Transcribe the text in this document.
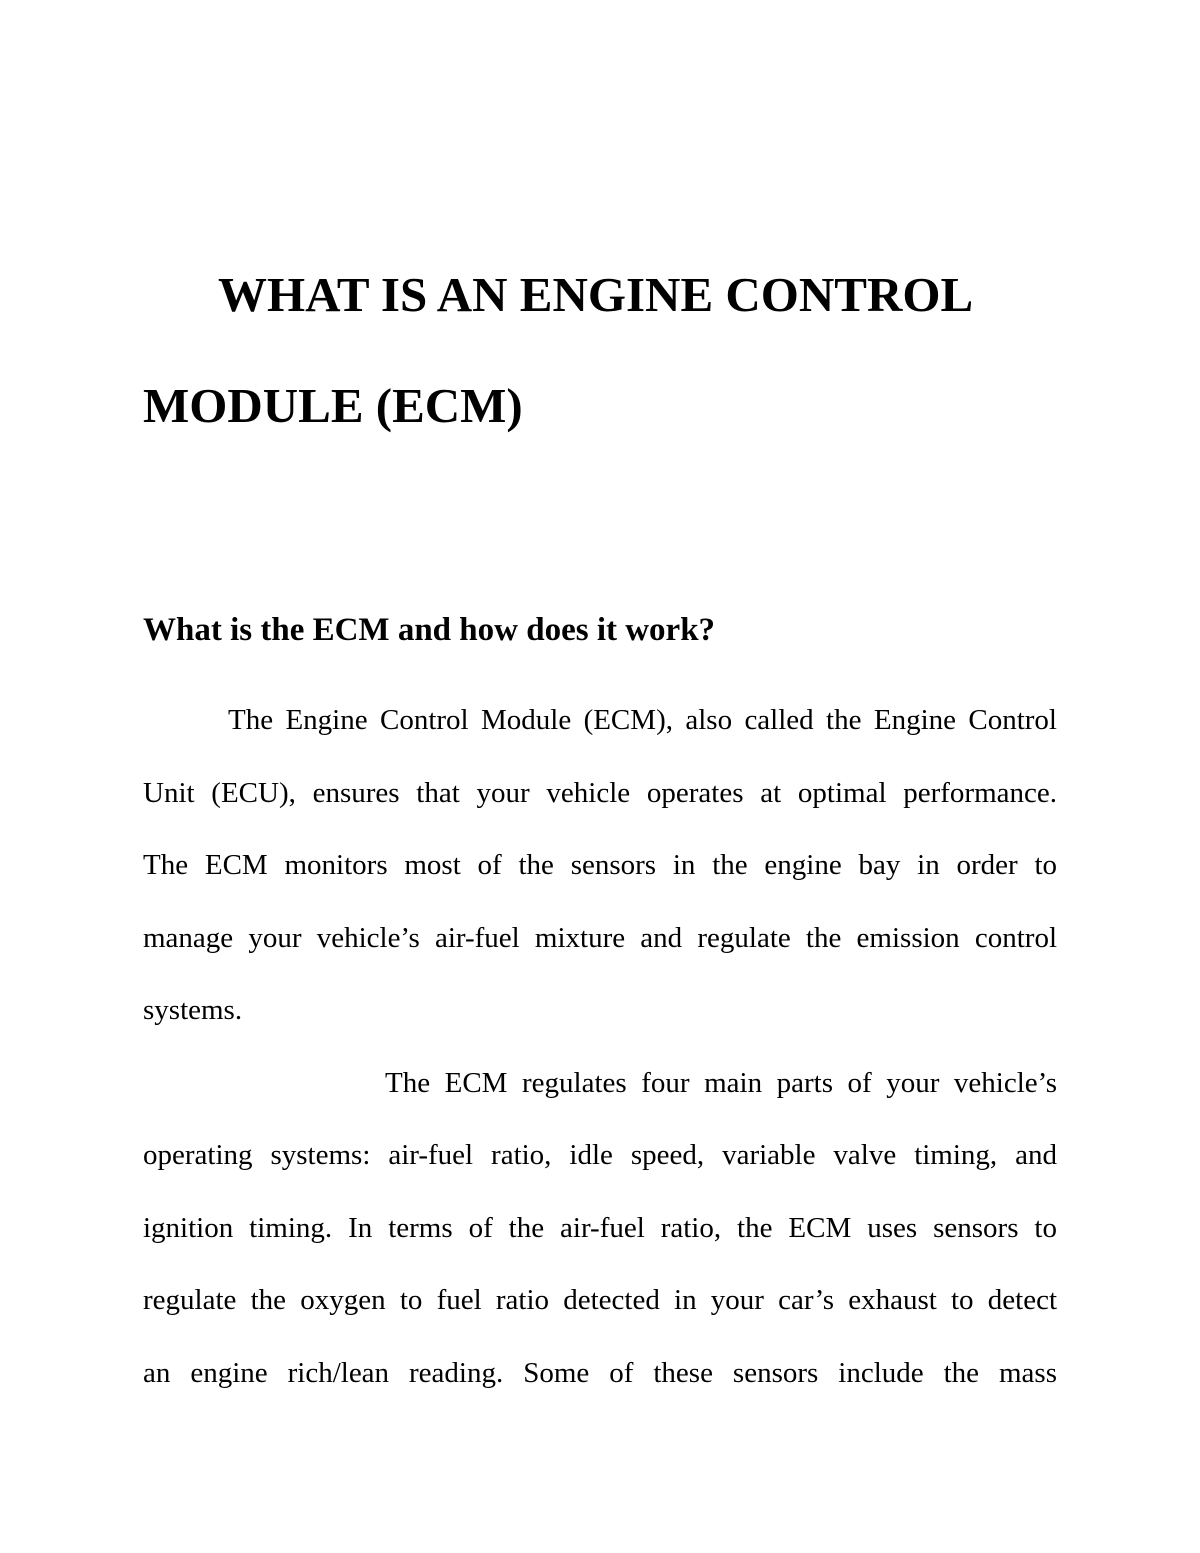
WHAT IS AN ENGINE CONTROL
MODULE (ECM)
What is the ECM and how does it work?
The Engine Control Module (ECM), also called the Engine Control
Unit (ECU), ensures that your vehicle operates at optimal performance.
The ECM monitors most of the sensors in the engine bay in order to
manage your vehicle’s air-fuel mixture and regulate the emission control
systems.
The ECM regulates four main parts of your vehicle’s
operating systems: air-fuel ratio, idle speed, variable valve timing, and
ignition timing. In terms of the air-fuel ratio, the ECM uses sensors to
regulate the oxygen to fuel ratio detected in your car’s exhaust to detect
an engine rich/lean reading. Some of these sensors include the mass
